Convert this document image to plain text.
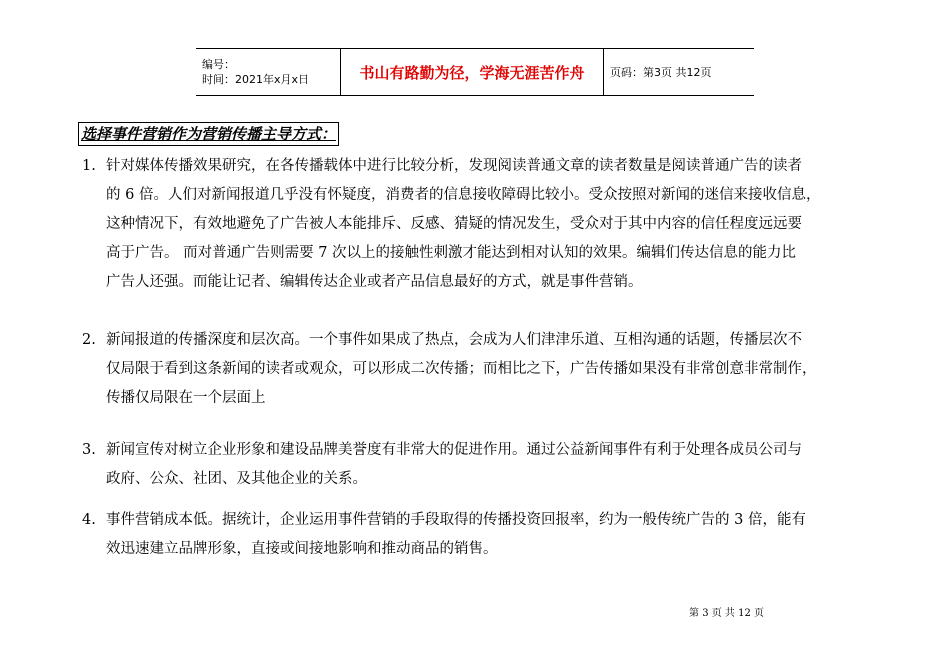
编号：
时间：2021年x月x日	书山有路勤为径，学海无涯苦作舟	页码：第3页 共12页
选择事件营销作为营销传播主导方式：
1. 针对媒体传播效果研究，在各传播载体中进行比较分析，发现阅读普通文章的读者数量是阅读普通广告的读者
的 6 倍。人们对新闻报道几乎没有怀疑度，消费者的信息接收障碍比较小。受众按照对新闻的迷信来接收信息，
这种情况下，有效地避免了广告被人本能排斥、反感、猜疑的情况发生，受众对于其中内容的信任程度远远要
高于广告。 而对普通广告则需要 7 次以上的接触性刺激才能达到相对认知的效果。编辑们传达信息的能力比
广告人还强。而能让记者、编辑传达企业或者产品信息最好的方式，就是事件营销。
2. 新闻报道的传播深度和层次高。一个事件如果成了热点，会成为人们津津乐道、互相沟通的话题，传播层次不
仅局限于看到这条新闻的读者或观众，可以形成二次传播；而相比之下，广告传播如果没有非常创意非常制作，
传播仅局限在一个层面上
3. 新闻宣传对树立企业形象和建设品牌美誉度有非常大的促进作用。通过公益新闻事件有利于处理各成员公司与
政府、公众、社团、及其他企业的关系。
4. 事件营销成本低。据统计，企业运用事件营销的手段取得的传播投资回报率，约为一般传统广告的 3 倍，能有
效迅速建立品牌形象，直接或间接地影响和推动商品的销售。
第 3 页 共 12 页
